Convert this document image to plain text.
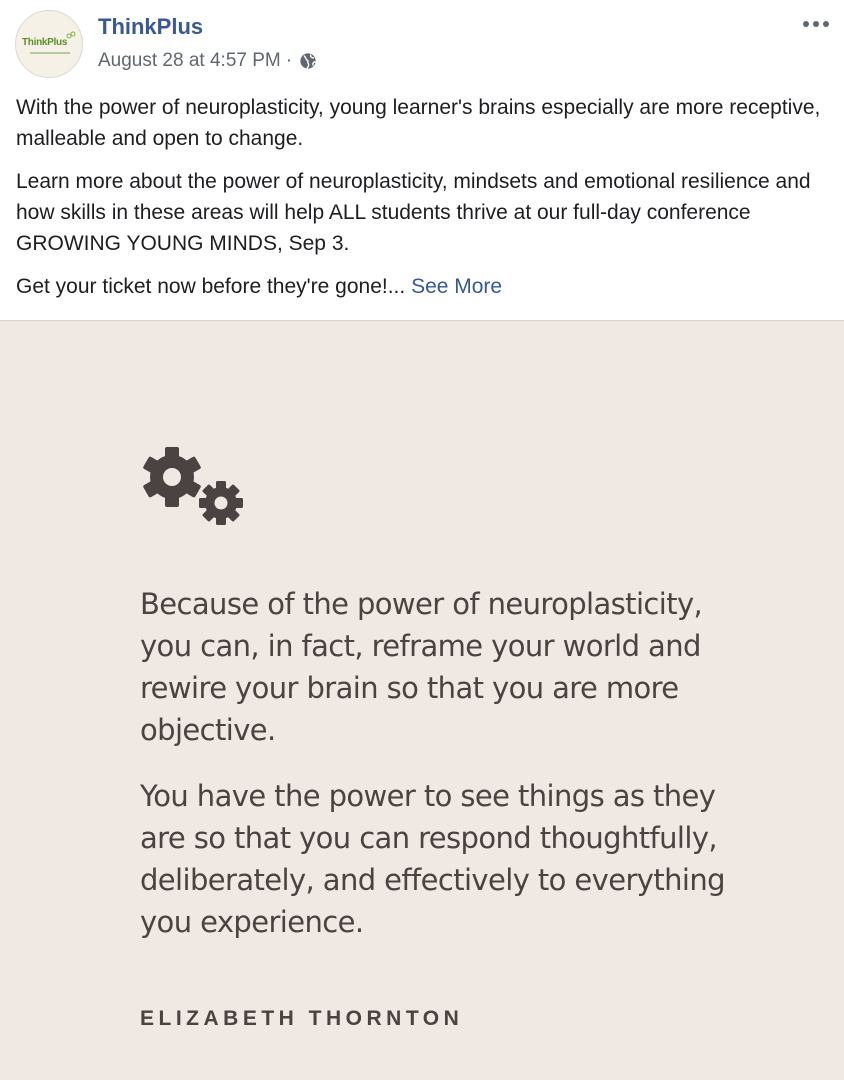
ThinkPlus
ThinkPlus
August 28 at 4:57 PM ·

With the power of neuroplasticity, young learner's brains especially are more receptive, malleable and open to change.

Learn more about the power of neuroplasticity, mindsets and emotional resilience and how skills in these areas will help ALL students thrive at our full-day conference GROWING YOUNG MINDS, Sep 3.

Get your ticket now before they're gone!... See More

Because of the power of neuroplasticity, you can, in fact, reframe your world and rewire your brain so that you are more objective.

You have the power to see things as they are so that you can respond thoughtfully, deliberately, and effectively to everything you experience.

ELIZABETH THORNTON
